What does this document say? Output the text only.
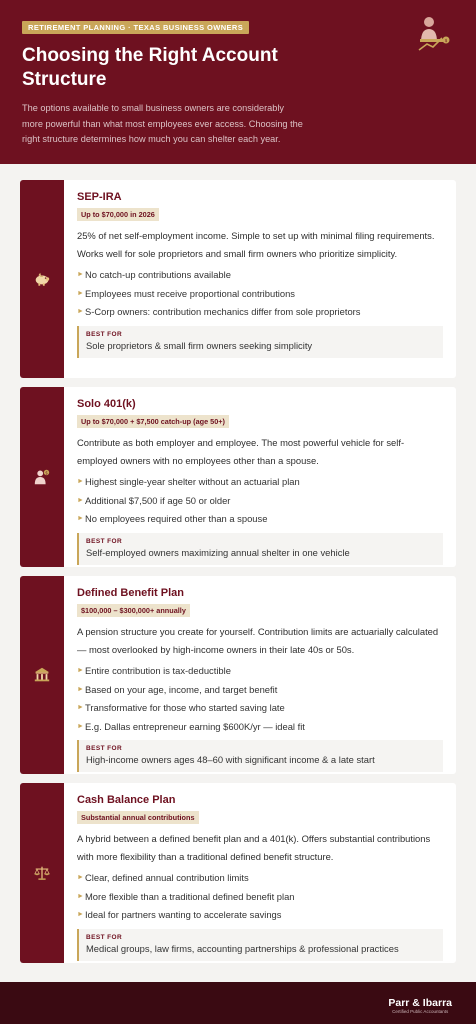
RETIREMENT PLANNING · TEXAS BUSINESS OWNERS
Choosing the Right Account Structure
The options available to small business owners are considerably more powerful than what most employees ever access. Choosing the right structure determines how much you can shelter each year.
$
SEP-IRA
Up to $70,000 in 2026
25% of net self-employment income. Simple to set up with minimal filing requirements. Works well for sole proprietors and small firm owners who prioritize simplicity.
► No catch-up contributions available
► Employees must receive proportional contributions
► S-Corp owners: contribution mechanics differ from sole proprietors
BEST FOR
Sole proprietors & small firm owners seeking simplicity
$
Solo 401(k)
Up to $70,000 + $7,500 catch-up (age 50+)
Contribute as both employer and employee. The most powerful vehicle for self-employed owners with no employees other than a spouse.
► Highest single-year shelter without an actuarial plan
► Additional $7,500 if age 50 or older
► No employees required other than a spouse
BEST FOR
Self-employed owners maximizing annual shelter in one vehicle
Defined Benefit Plan
$100,000 – $300,000+ annually
A pension structure you create for yourself. Contribution limits are actuarially calculated — most overlooked by high-income owners in their late 40s or 50s.
► Entire contribution is tax-deductible
► Based on your age, income, and target benefit
► Transformative for those who started saving late
► E.g. Dallas entrepreneur earning $600K/yr — ideal fit
BEST FOR
High-income owners ages 48–60 with significant income & a late start
Cash Balance Plan
Substantial annual contributions
A hybrid between a defined benefit plan and a 401(k). Offers substantial contributions with more flexibility than a traditional defined benefit structure.
► Clear, defined annual contribution limits
► More flexible than a traditional defined benefit plan
► Ideal for partners wanting to accelerate savings
BEST FOR
Medical groups, law firms, accounting partnerships & professional practices
Parr & Ibarra
Certified Public Accountants
